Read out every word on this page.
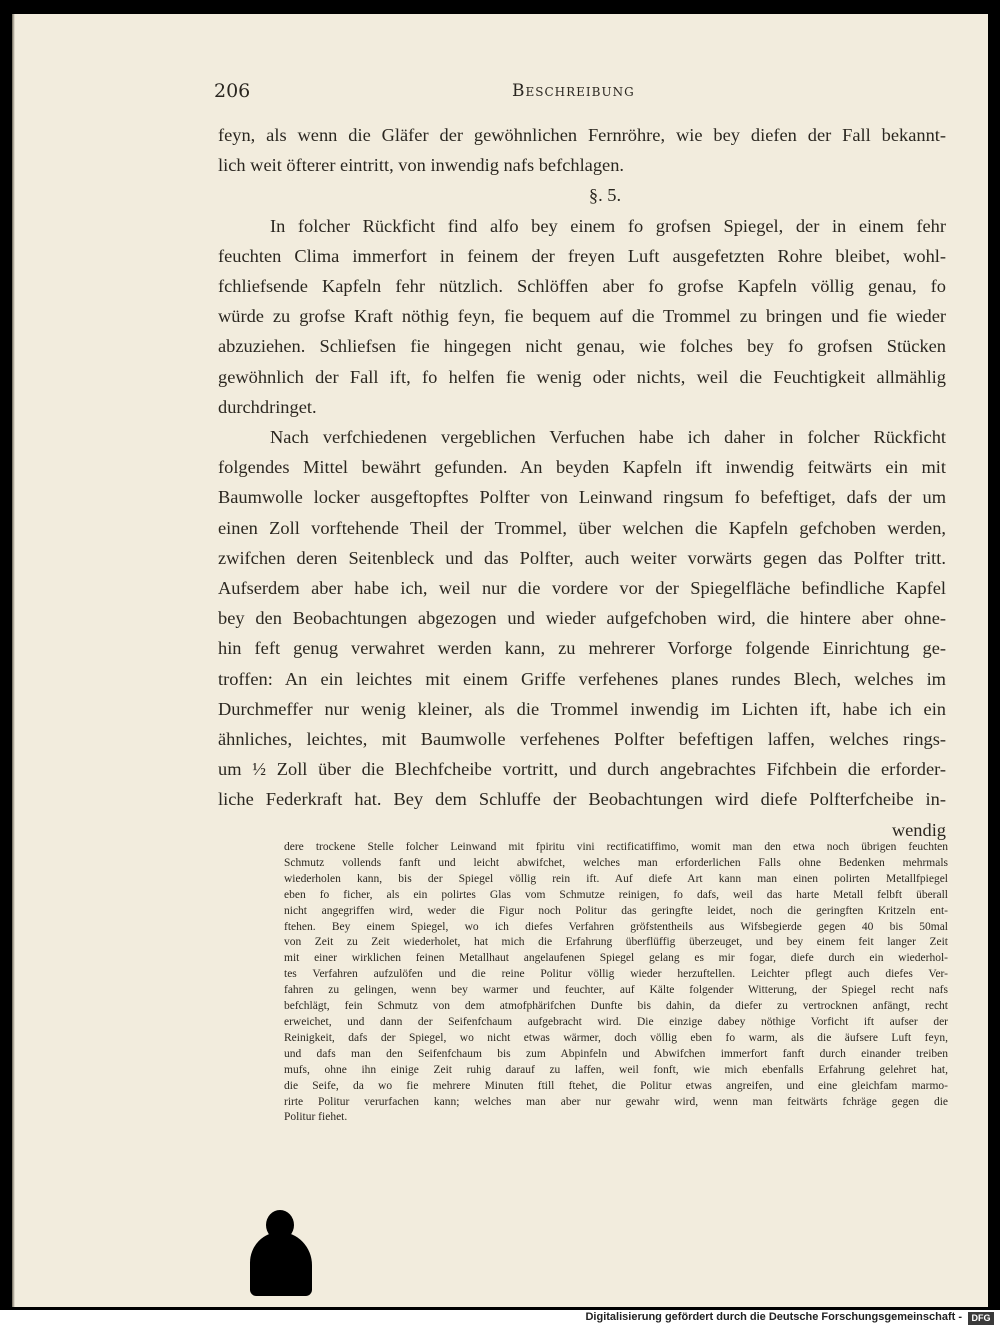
206	Beschreibung
feyn, als wenn die Gläfer der gewöhnlichen Fernröhre, wie bey diefen der Fall bekannt-
lich weit öfterer eintritt, von inwendig nafs befchlagen.
§. 5.
In folcher Rückficht find alfo bey einem fo grofsen Spiegel, der in einem fehr
feuchten Clima immerfort in feinem der freyen Luft ausgefetzten Rohre bleibet, wohl-
fchliefsende Kapfeln fehr nützlich. Schlöffen aber fo grofse Kapfeln völlig genau, fo
würde zu grofse Kraft nöthig feyn, fie bequem auf die Trommel zu bringen und fie wieder
abzuziehen. Schliefsen fie hingegen nicht genau, wie folches bey fo grofsen Stücken
gewöhnlich der Fall ift, fo helfen fie wenig oder nichts, weil die Feuchtigkeit allmählig
durchdringet.
Nach verfchiedenen vergeblichen Verfuchen habe ich daher in folcher Rückficht
folgendes Mittel bewährt gefunden. An beyden Kapfeln ift inwendig feitwärts ein mit
Baumwolle locker ausgeftopftes Polfter von Leinwand ringsum fo befeftiget, dafs der um
einen Zoll vorftehende Theil der Trommel, über welchen die Kapfeln gefchoben werden,
zwifchen deren Seitenbleck und das Polfter, auch weiter vorwärts gegen das Polfter tritt.
Aufserdem aber habe ich, weil nur die vordere vor der Spiegelfläche befindliche Kapfel
bey den Beobachtungen abgezogen und wieder aufgefchoben wird, die hintere aber ohne-
hin feft genug verwahret werden kann, zu mehrerer Vorforge folgende Einrichtung ge-
troffen: An ein leichtes mit einem Griffe verfehenes planes rundes Blech, welches im
Durchmeffer nur wenig kleiner, als die Trommel inwendig im Lichten ift, habe ich ein
ähnliches, leichtes, mit Baumwolle verfehenes Polfter befeftigen laffen, welches rings-
um ½ Zoll über die Blechfcheibe vortritt, und durch angebrachtes Fifchbein die erforder-
liche Federkraft hat. Bey dem Schluffe der Beobachtungen wird diefe Polfterfcheibe in-
wendig
dere trockene Stelle folcher Leinwand mit fpiritu vini rectificatiffimo, womit man den etwa noch übrigen feuchten
Schmutz vollends fanft und leicht abwifchet, welches man erforderlichen Falls ohne Bedenken mehrmals
wiederholen kann, bis der Spiegel völlig rein ift. Auf diefe Art kann man einen polirten Metallfpiegel
eben fo ficher, als ein polirtes Glas vom Schmutze reinigen, fo dafs, weil das harte Metall felbft überall
nicht angegriffen wird, weder die Figur noch Politur das geringfte leidet, noch die geringften Kritzeln ent-
ftehen. Bey einem Spiegel, wo ich diefes Verfahren gröfstentheils aus Wifsbegierde gegen 40 bis 50mal
von Zeit zu Zeit wiederholet, hat mich die Erfahrung überflüffig überzeuget, und bey einem feit langer Zeit
mit einer wirklichen feinen Metallhaut angelaufenen Spiegel gelang es mir fogar, diefe durch ein wiederhol-
tes Verfahren aufzulöfen und die reine Politur völlig wieder herzuftellen. Leichter pflegt auch diefes Ver-
fahren zu gelingen, wenn bey warmer und feuchter, auf Kälte folgender Witterung, der Spiegel recht nafs
befchlägt, fein Schmutz von dem atmofphärifchen Dunfte bis dahin, da diefer zu vertrocknen anfängt, recht
erweichet, und dann der Seifenfchaum aufgebracht wird. Die einzige dabey nöthige Vorficht ift aufser der
Reinigkeit, dafs der Spiegel, wo nicht etwas wärmer, doch völlig eben fo warm, als die äufsere Luft feyn,
und dafs man den Seifenfchaum bis zum Abpinfeln und Abwifchen immerfort fanft durch einander treiben
mufs, ohne ihn einige Zeit ruhig darauf zu laffen, weil fonft, wie mich ebenfalls Erfahrung gelehret hat,
die Seife, da wo fie mehrere Minuten ftill ftehet, die Politur etwas angreifen, und eine gleichfam marmo-
rirte Politur verurfachen kann; welches man aber nur gewahr wird, wenn man feitwärts fchräge gegen die
Politur fiehet.
Digitalisierung gefördert durch die Deutsche Forschungsgemeinschaft -	DFG
